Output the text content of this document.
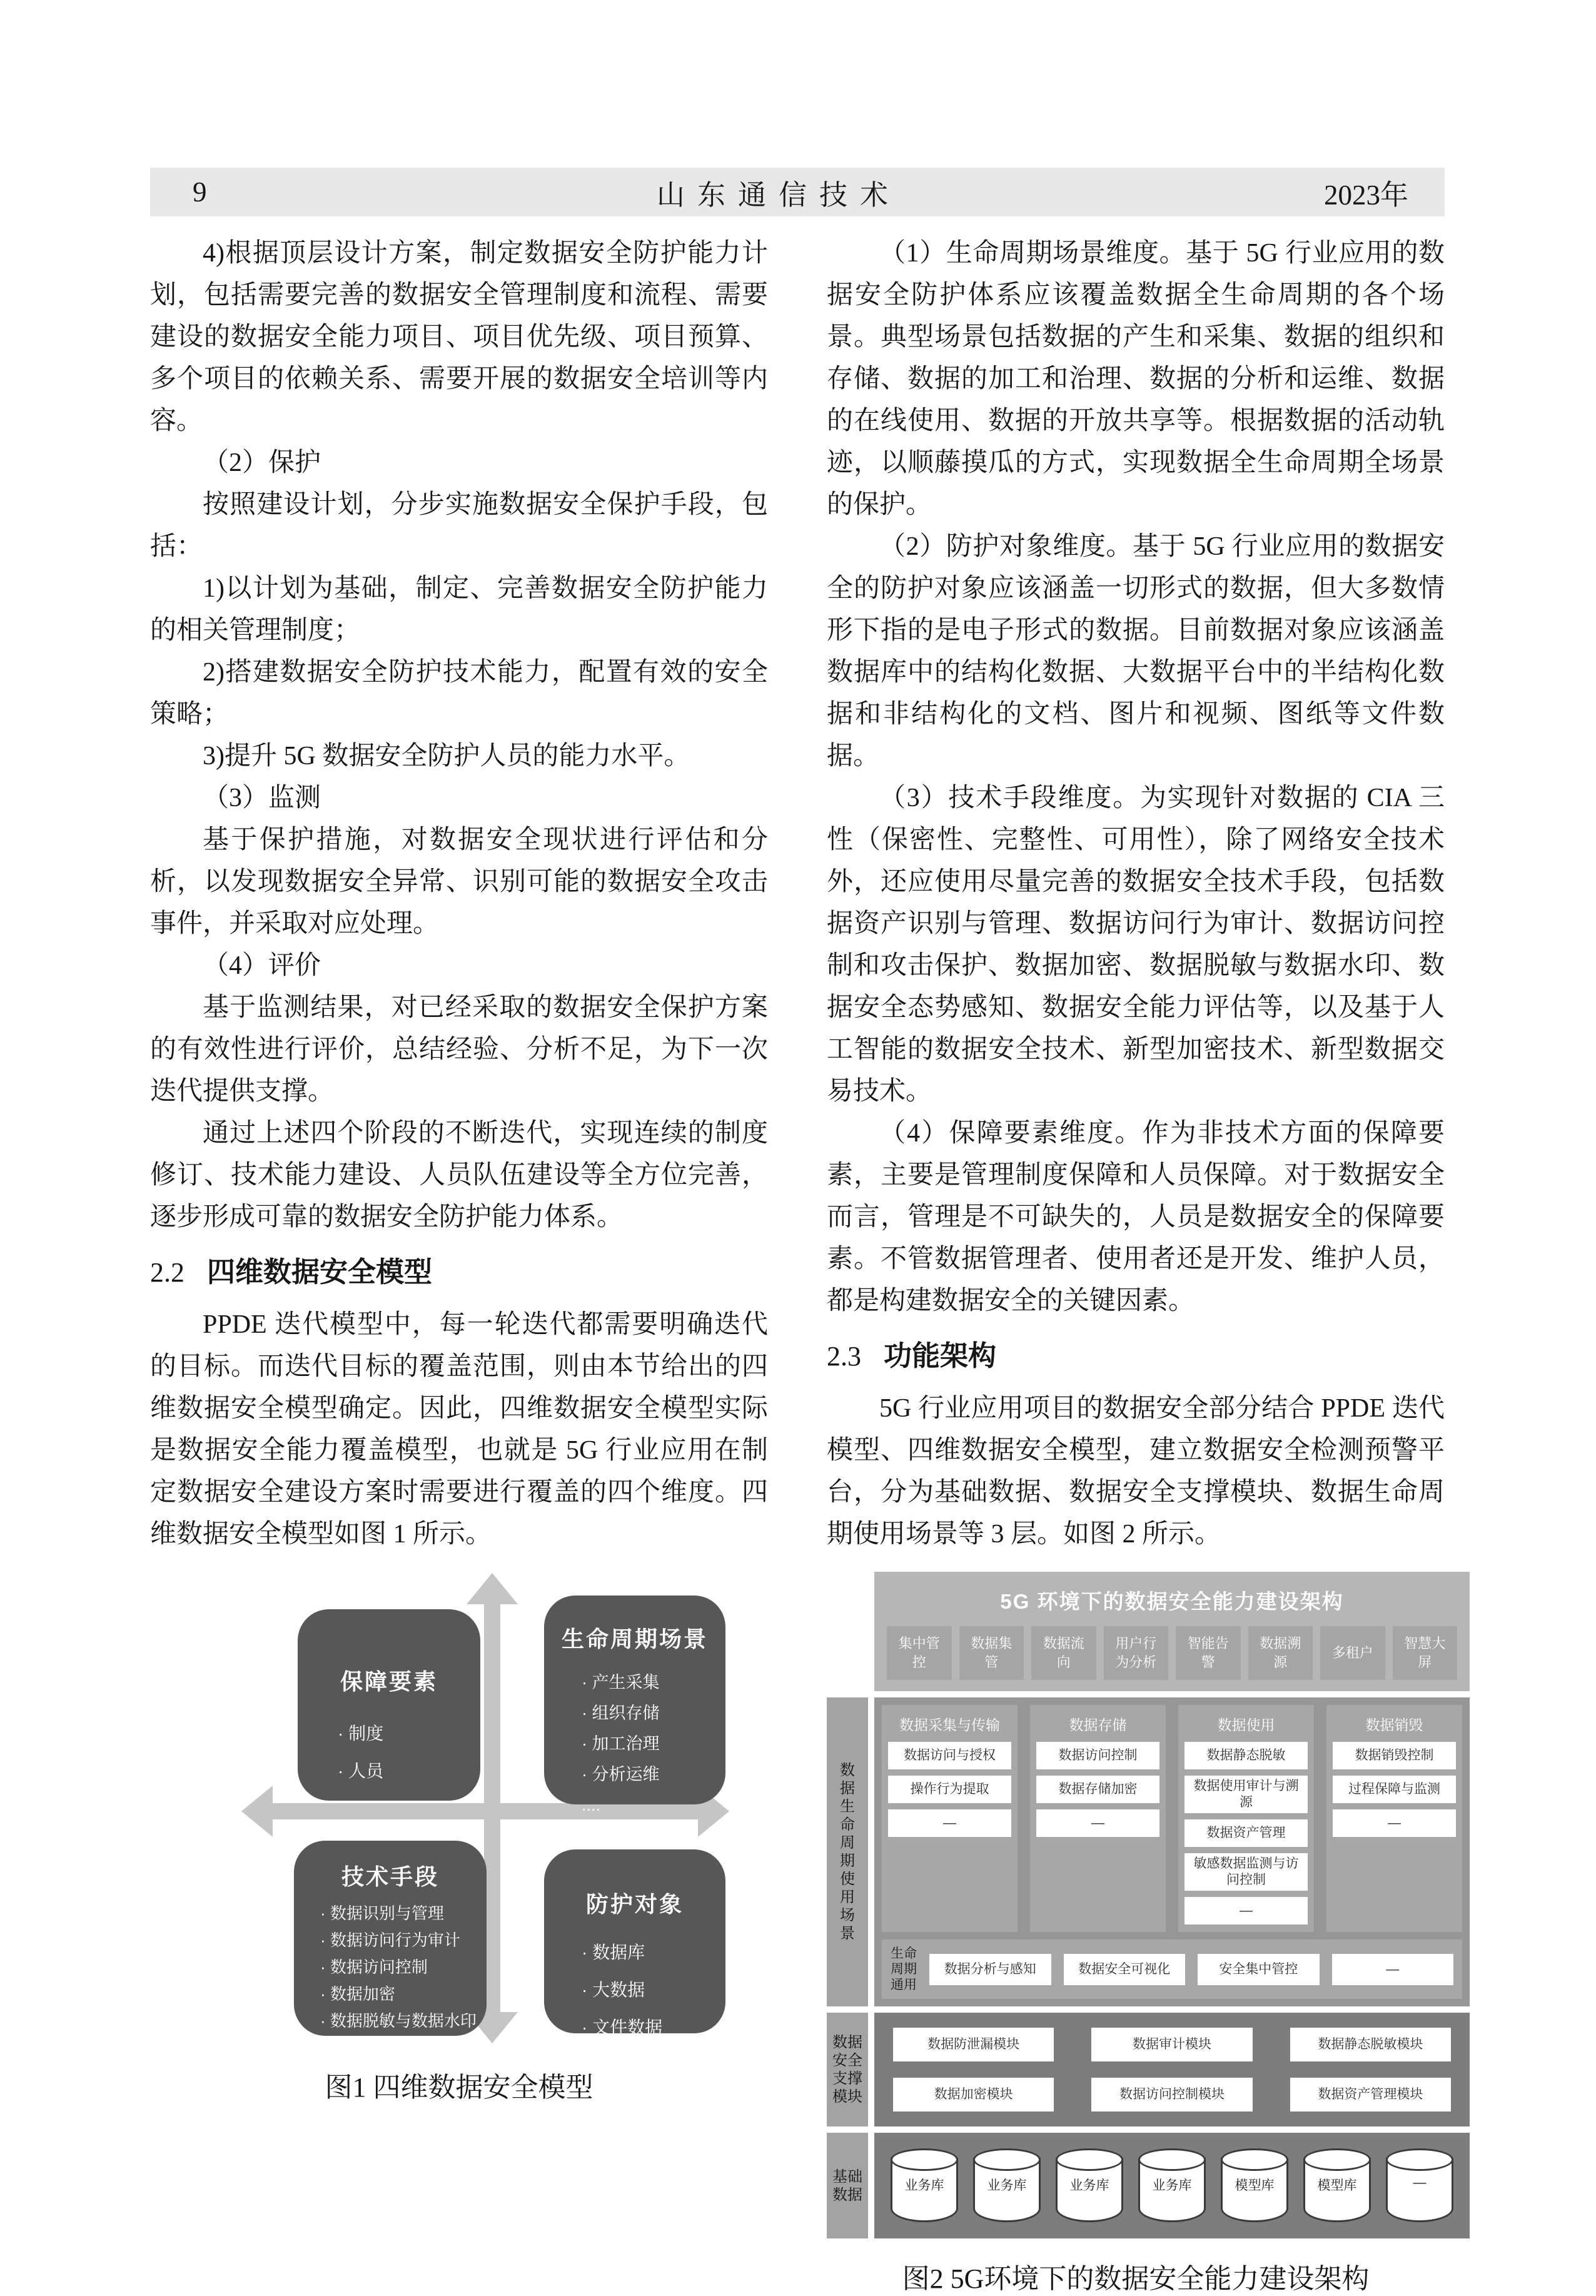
9	山东通信技术	2023年

4)根据顶层设计方案，制定数据安全防护能力计划，包括需要完善的数据安全管理制度和流程、需要建设的数据安全能力项目、项目优先级、项目预算、多个项目的依赖关系、需要开展的数据安全培训等内容。

（2）保护

按照建设计划，分步实施数据安全保护手段，包括：

1)以计划为基础，制定、完善数据安全防护能力的相关管理制度；

2)搭建数据安全防护技术能力，配置有效的安全策略；

3)提升 5G 数据安全防护人员的能力水平。

（3）监测

基于保护措施，对数据安全现状进行评估和分析，以发现数据安全异常、识别可能的数据安全攻击事件，并采取对应处理。

（4）评价

基于监测结果，对已经采取的数据安全保护方案的有效性进行评价，总结经验、分析不足，为下一次迭代提供支撑。

通过上述四个阶段的不断迭代，实现连续的制度修订、技术能力建设、人员队伍建设等全方位完善，逐步形成可靠的数据安全防护能力体系。

2.2 四维数据安全模型

PPDE 迭代模型中，每一轮迭代都需要明确迭代的目标。而迭代目标的覆盖范围，则由本节给出的四维数据安全模型确定。因此，四维数据安全模型实际是数据安全能力覆盖模型，也就是 5G 行业应用在制定数据安全建设方案时需要进行覆盖的四个维度。四维数据安全模型如图 1 所示。

保障要素
· 制度
· 人员
生命周期场景
· 产生采集
· 组织存储
· 加工治理
· 分析运维
....
技术手段
· 数据识别与管理
· 数据访问行为审计
· 数据访问控制
· 数据加密
· 数据脱敏与数据水印
....
防护对象
· 数据库
· 大数据
· 文件数据
图1 四维数据安全模型

（1）生命周期场景维度。基于 5G 行业应用的数据安全防护体系应该覆盖数据全生命周期的各个场景。典型场景包括数据的产生和采集、数据的组织和存储、数据的加工和治理、数据的分析和运维、数据的在线使用、数据的开放共享等。根据数据的活动轨迹，以顺藤摸瓜的方式，实现数据全生命周期全场景的保护。

（2）防护对象维度。基于 5G 行业应用的数据安全的防护对象应该涵盖一切形式的数据，但大多数情形下指的是电子形式的数据。目前数据对象应该涵盖数据库中的结构化数据、大数据平台中的半结构化数据和非结构化的文档、图片和视频、图纸等文件数据。

（3）技术手段维度。为实现针对数据的 CIA 三性（保密性、完整性、可用性），除了网络安全技术外，还应使用尽量完善的数据安全技术手段，包括数据资产识别与管理、数据访问行为审计、数据访问控制和攻击保护、数据加密、数据脱敏与数据水印、数据安全态势感知、数据安全能力评估等，以及基于人工智能的数据安全技术、新型加密技术、新型数据交易技术。

（4）保障要素维度。作为非技术方面的保障要素，主要是管理制度保障和人员保障。对于数据安全而言，管理是不可缺失的，人员是数据安全的保障要素。不管数据管理者、使用者还是开发、维护人员，都是构建数据安全的关键因素。

2.3 功能架构

5G 行业应用项目的数据安全部分结合 PPDE 迭代模型、四维数据安全模型，建立数据安全检测预警平台，分为基础数据、数据安全支撑模块、数据生命周期使用场景等 3 层。如图 2 所示。

5G 环境下的数据安全能力建设架构
集中管控
数据集管
数据流向
用户行为分析
智能告警
数据溯源
多租户
智慧大屏
数据生命周期使用场景
数据采集与传输
数据访问与授权
操作行为提取
—
数据存储
数据访问控制
数据存储加密
—
数据使用
数据静态脱敏
数据使用审计与溯源
数据资产管理
敏感数据监测与访问控制
—
数据销毁
数据销毁控制
过程保障与监测
—
生命周期通用
数据分析与感知	数据安全可视化	安全集中管控	—
数据安全支撑模块
数据防泄漏模块	数据审计模块	数据静态脱敏模块
数据加密模块	数据访问控制模块	数据资产管理模块
基础数据
业务库	业务库	业务库	业务库	模型库	模型库	—
图2 5G环境下的数据安全能力建设架构
